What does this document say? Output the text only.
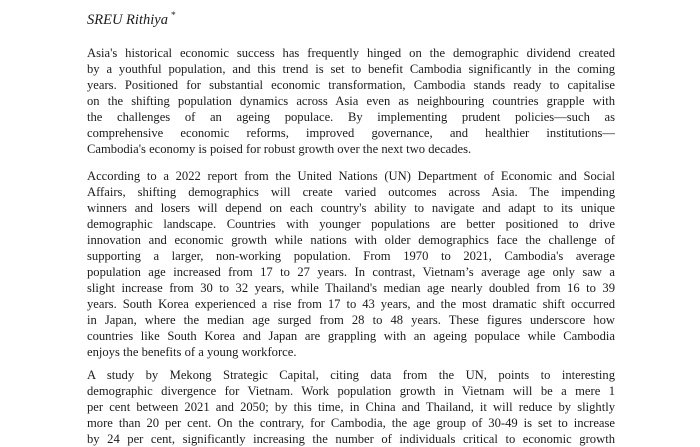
SREU Rithiya *
Asia's historical economic success has frequently hinged on the demographic dividend created
by a youthful population, and this trend is set to benefit Cambodia significantly in the coming
years. Positioned for substantial economic transformation, Cambodia stands ready to capitalise
on the shifting population dynamics across Asia even as neighbouring countries grapple with
the challenges of an ageing populace. By implementing prudent policies—such as
comprehensive economic reforms, improved governance, and healthier institutions—
Cambodia's economy is poised for robust growth over the next two decades.
According to a 2022 report from the United Nations (UN) Department of Economic and Social
Affairs, shifting demographics will create varied outcomes across Asia. The impending
winners and losers will depend on each country's ability to navigate and adapt to its unique
demographic landscape. Countries with younger populations are better positioned to drive
innovation and economic growth while nations with older demographics face the challenge of
supporting a larger, non-working population. From 1970 to 2021, Cambodia's average
population age increased from 17 to 27 years. In contrast, Vietnam’s average age only saw a
slight increase from 30 to 32 years, while Thailand's median age nearly doubled from 16 to 39
years. South Korea experienced a rise from 17 to 43 years, and the most dramatic shift occurred
in Japan, where the median age surged from 28 to 48 years. These figures underscore how
countries like South Korea and Japan are grappling with an ageing populace while Cambodia
enjoys the benefits of a young workforce.
A study by Mekong Strategic Capital, citing data from the UN, points to interesting
demographic divergence for Vietnam. Work population growth in Vietnam will be a mere 1
per cent between 2021 and 2050; by this time, in China and Thailand, it will reduce by slightly
more than 20 per cent. On the contrary, for Cambodia, the age group of 30-49 is set to increase
by 24 per cent, significantly increasing the number of individuals critical to economic growth
